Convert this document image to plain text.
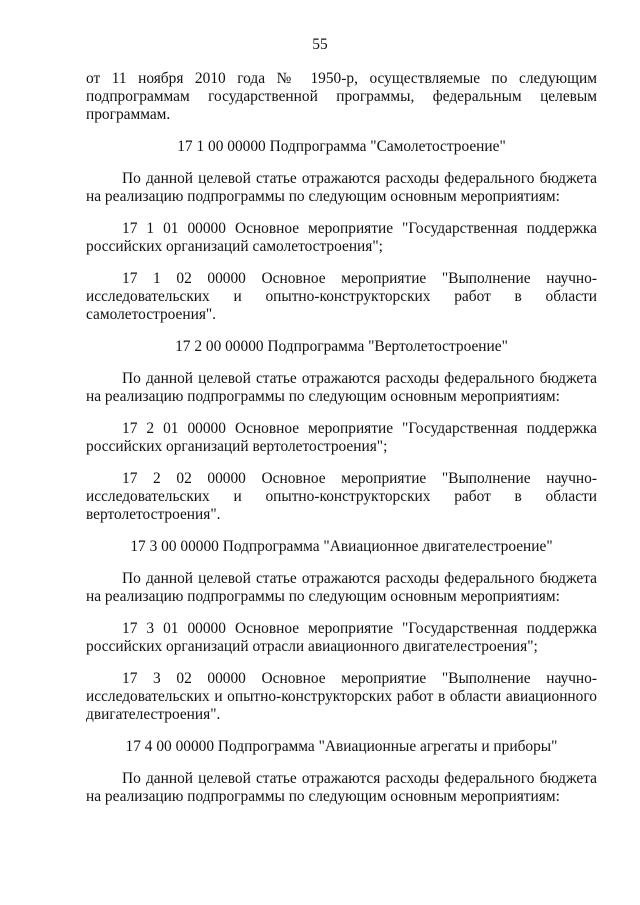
55

от 11 ноября 2010 года № 1950-р, осуществляемые по следующим подпрограммам государственной программы, федеральным целевым программам.

17 1 00 00000 Подпрограмма "Самолетостроение"

По данной целевой статье отражаются расходы федерального бюджета на реализацию подпрограммы по следующим основным мероприятиям:

17 1 01 00000 Основное мероприятие "Государственная поддержка российских организаций самолетостроения";

17 1 02 00000 Основное мероприятие "Выполнение научно-исследовательских и опытно-конструкторских работ в области самолетостроения".

17 2 00 00000 Подпрограмма "Вертолетостроение"

По данной целевой статье отражаются расходы федерального бюджета на реализацию подпрограммы по следующим основным мероприятиям:

17 2 01 00000 Основное мероприятие "Государственная поддержка российских организаций вертолетостроения";

17 2 02 00000 Основное мероприятие "Выполнение научно-исследовательских и опытно-конструкторских работ в области вертолетостроения".

17 3 00 00000 Подпрограмма "Авиационное двигателестроение"

По данной целевой статье отражаются расходы федерального бюджета на реализацию подпрограммы по следующим основным мероприятиям:

17 3 01 00000 Основное мероприятие "Государственная поддержка российских организаций отрасли авиационного двигателестроения";

17 3 02 00000 Основное мероприятие "Выполнение научно-исследовательских и опытно-конструкторских работ в области авиационного двигателестроения".

17 4 00 00000 Подпрограмма "Авиационные агрегаты и приборы"

По данной целевой статье отражаются расходы федерального бюджета на реализацию подпрограммы по следующим основным мероприятиям:
